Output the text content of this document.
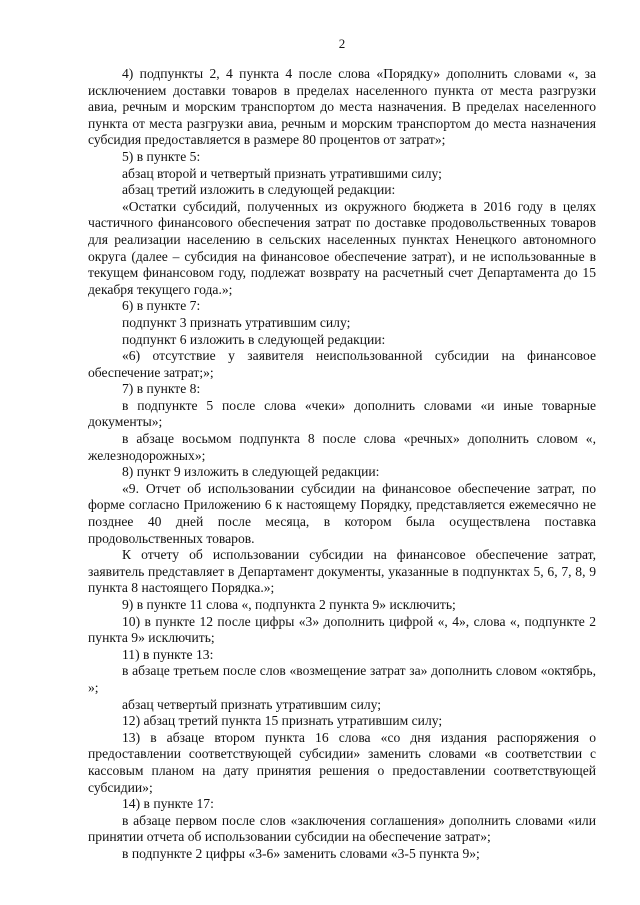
2

4) подпункты 2, 4 пункта 4 после слова «Порядку» дополнить словами «, за исключением доставки товаров в пределах населенного пункта от места разгрузки авиа, речным и морским транспортом до места назначения. В пределах населенного пункта от места разгрузки авиа, речным и морским транспортом до места назначения субсидия предоставляется в размере 80 процентов от затрат»;

5) в пункте 5:

абзац второй и четвертый признать утратившими силу;

абзац третий изложить в следующей редакции:

«Остатки субсидий, полученных из окружного бюджета в 2016 году в целях частичного финансового обеспечения затрат по доставке продовольственных товаров для реализации населению в сельских населенных пунктах Ненецкого автономного округа (далее – субсидия на финансовое обеспечение затрат), и не использованные в текущем финансовом году, подлежат возврату на расчетный счет Департамента до 15 декабря текущего года.»;

6) в пункте 7:

подпункт 3 признать утратившим силу;

подпункт 6 изложить в следующей редакции:

«6) отсутствие у заявителя неиспользованной субсидии на финансовое обеспечение затрат;»;

7) в пункте 8:

в подпункте 5 после слова «чеки» дополнить словами «и иные товарные документы»;

в абзаце восьмом подпункта 8 после слова «речных» дополнить словом «, железнодорожных»;

8) пункт 9 изложить в следующей редакции:

«9. Отчет об использовании субсидии на финансовое обеспечение затрат, по форме согласно Приложению 6 к настоящему Порядку, представляется ежемесячно не позднее 40 дней после месяца, в котором была осуществлена поставка продовольственных товаров.

К отчету об использовании субсидии на финансовое обеспечение затрат, заявитель представляет в Департамент документы, указанные в подпунктах 5, 6, 7, 8, 9 пункта 8 настоящего Порядка.»;

9) в пункте 11 слова «, подпункта 2 пункта 9» исключить;

10) в пункте 12 после цифры «3» дополнить цифрой «, 4», слова «, подпункте 2 пункта 9» исключить;

11) в пункте 13:

в абзаце третьем после слов «возмещение затрат за» дополнить словом «октябрь, »;

абзац четвертый признать утратившим силу;

12) абзац третий пункта 15 признать утратившим силу;

13) в абзаце втором пункта 16 слова «со дня издания распоряжения о предоставлении соответствующей субсидии» заменить словами «в соответствии с кассовым планом на дату принятия решения о предоставлении соответствующей субсидии»;

14) в пункте 17:

в абзаце первом после слов «заключения соглашения» дополнить словами «или принятии отчета об использовании субсидии на обеспечение затрат»;

в подпункте 2 цифры «3-6» заменить словами «3-5 пункта 9»;
